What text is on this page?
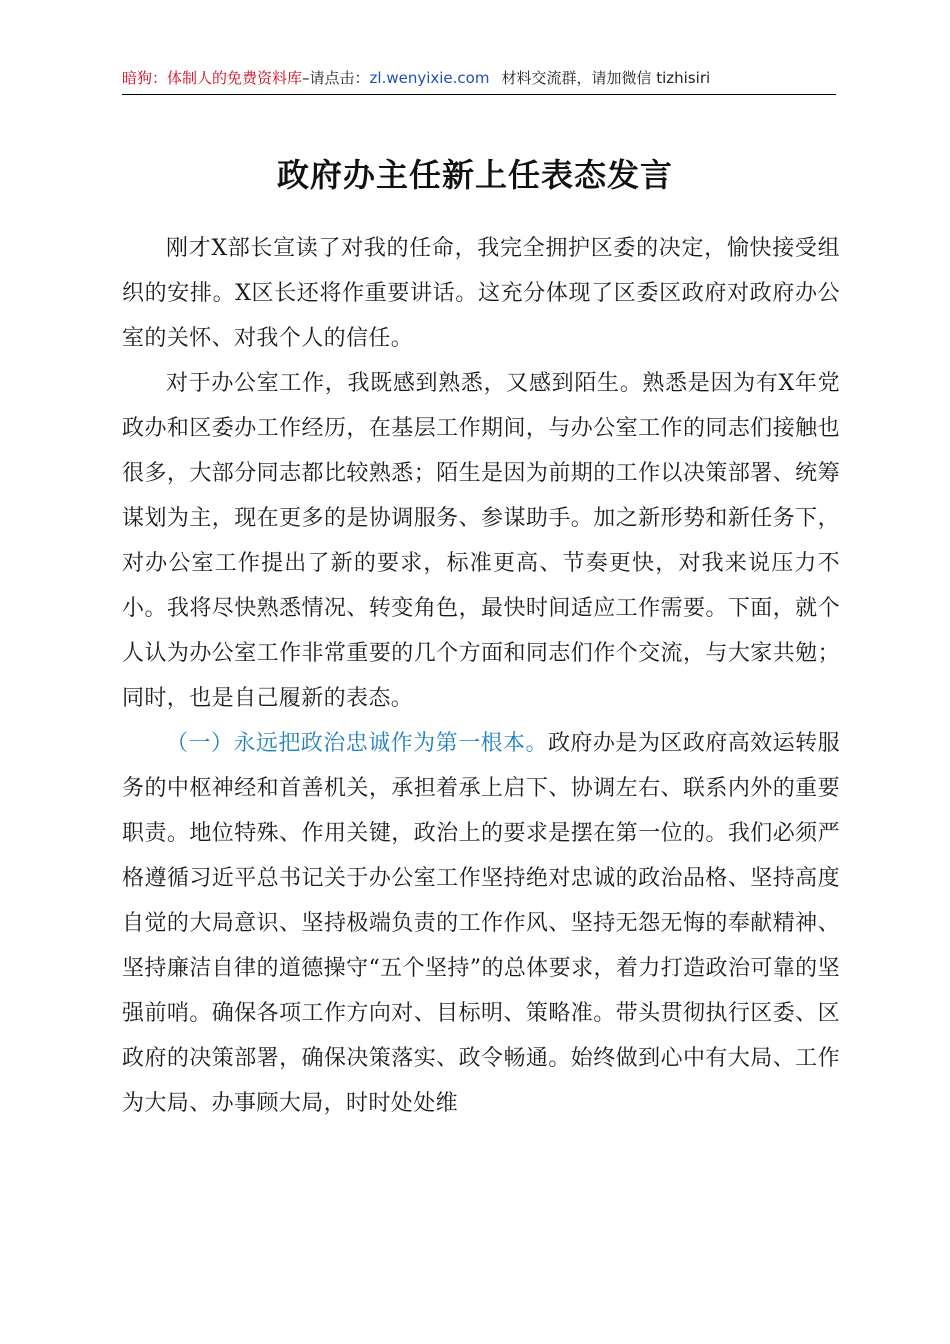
暗狗：体制人的免费资料库–请点击：zl.wenyixie.com 材料交流群，请加微信 tizhisiri
政府办主任新上任表态发言

刚才X部长宣读了对我的任命，我完全拥护区委的决定，愉快接受组织的安排。X区长还将作重要讲话。这充分体现了区委区政府对政府办公室的关怀、对我个人的信任。

对于办公室工作，我既感到熟悉，又感到陌生。熟悉是因为有X年党政办和区委办工作经历，在基层工作期间，与办公室工作的同志们接触也很多，大部分同志都比较熟悉；陌生是因为前期的工作以决策部署、统筹谋划为主，现在更多的是协调服务、参谋助手。加之新形势和新任务下，对办公室工作提出了新的要求，标准更高、节奏更快，对我来说压力不小。我将尽快熟悉情况、转变角色，最快时间适应工作需要。下面，就个人认为办公室工作非常重要的几个方面和同志们作个交流，与大家共勉；同时，也是自己履新的表态。

（一）永远把政治忠诚作为第一根本。政府办是为区政府高效运转服务的中枢神经和首善机关，承担着承上启下、协调左右、联系内外的重要职责。地位特殊、作用关键，政治上的要求是摆在第一位的。我们必须严格遵循习近平总书记关于办公室工作坚持绝对忠诚的政治品格、坚持高度自觉的大局意识、坚持极端负责的工作作风、坚持无怨无悔的奉献精神、坚持廉洁自律的道德操守“五个坚持”的总体要求，着力打造政治可靠的坚强前哨。确保各项工作方向对、目标明、策略准。带头贯彻执行区委、区政府的决策部署，确保决策落实、政令畅通。始终做到心中有大局、工作为大局、办事顾大局，时时处处维
